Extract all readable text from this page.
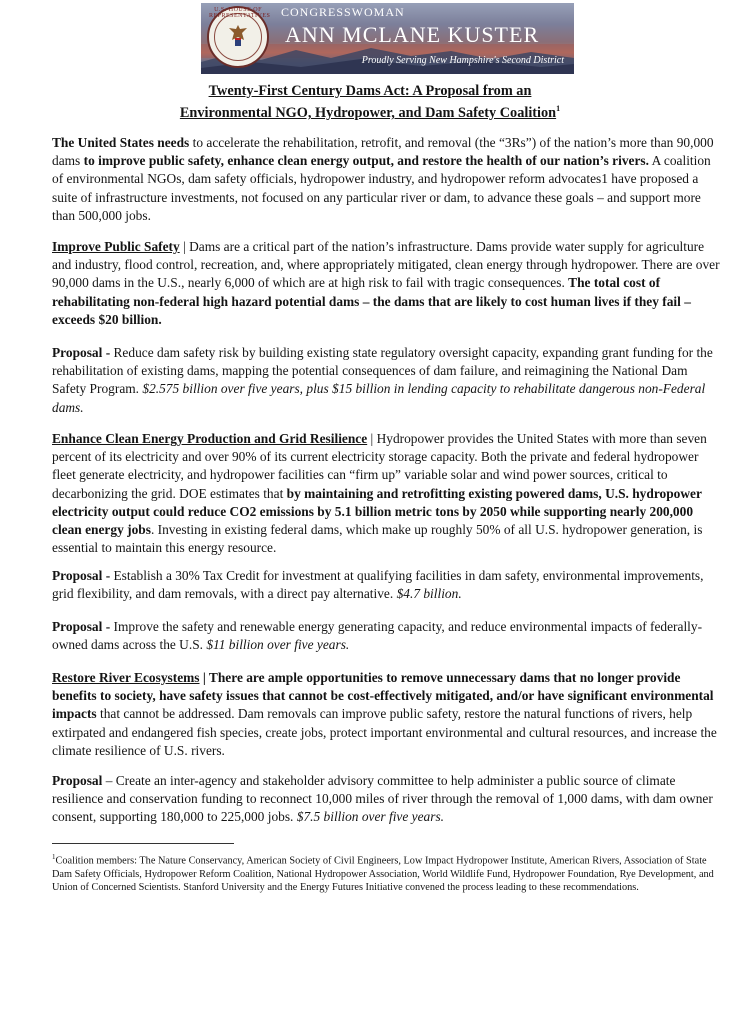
U.S. HOUSE OF REPRESENTATIVES CONGRESSWOMAN
ANN MCLANE KUSTER
Proudly Serving New Hampshire's Second District
Twenty-First Century Dams Act: A Proposal from an
Environmental NGO, Hydropower, and Dam Safety Coalition$^1$
The United States needs to accelerate the rehabilitation, retrofit, and removal (the “3Rs”) of the nation’s more than 90,000 dams to improve public safety, enhance clean energy output, and restore the health of our nation’s rivers. A coalition of environmental NGOs, dam safety officials, hydropower industry, and hydropower reform advocates1 have proposed a suite of infrastructure investments, not focused on any particular river or dam, to advance these goals – and support more than 500,000 jobs.
Improve Public Safety | Dams are a critical part of the nation’s infrastructure. Dams provide water supply for agriculture and industry, flood control, recreation, and, where appropriately mitigated, clean energy through hydropower. There are over 90,000 dams in the U.S., nearly 6,000 of which are at high risk to fail with tragic consequences. The total cost of rehabilitating non-federal high hazard potential dams – the dams that are likely to cost human lives if they fail – exceeds $20 billion.
Proposal - Reduce dam safety risk by building existing state regulatory oversight capacity, expanding grant funding for the rehabilitation of existing dams, mapping the potential consequences of dam failure, and reimagining the National Dam Safety Program. $2.575 billion over five years, plus $15 billion in lending capacity to rehabilitate dangerous non-Federal dams.
Enhance Clean Energy Production and Grid Resilience | Hydropower provides the United States with more than seven percent of its electricity and over 90% of its current electricity storage capacity. Both the private and federal hydropower fleet generate electricity, and hydropower facilities can “firm up” variable solar and wind power sources, critical to decarbonizing the grid. DOE estimates that by maintaining and retrofitting existing powered dams, U.S. hydropower electricity output could reduce CO2 emissions by 5.1 billion metric tons by 2050 while supporting nearly 200,000 clean energy jobs. Investing in existing federal dams, which make up roughly 50% of all U.S. hydropower generation, is essential to maintain this energy resource.
Proposal - Establish a 30% Tax Credit for investment at qualifying facilities in dam safety, environmental improvements, grid flexibility, and dam removals, with a direct pay alternative. $4.7 billion.
Proposal - Improve the safety and renewable energy generating capacity, and reduce environmental impacts of federally-owned dams across the U.S. $11 billion over five years.
Restore River Ecosystems | There are ample opportunities to remove unnecessary dams that no longer provide benefits to society, have safety issues that cannot be cost-effectively mitigated, and/or have significant environmental impacts that cannot be addressed. Dam removals can improve public safety, restore the natural functions of rivers, help extirpated and endangered fish species, create jobs, protect important environmental and cultural resources, and increase the climate resilience of U.S. rivers.
Proposal – Create an inter-agency and stakeholder advisory committee to help administer a public source of climate resilience and conservation funding to reconnect 10,000 miles of river through the removal of 1,000 dams, with dam owner consent, supporting 180,000 to 225,000 jobs. $7.5 billion over five years.
$^1$Coalition members: The Nature Conservancy, American Society of Civil Engineers, Low Impact Hydropower Institute, American Rivers, Association of State Dam Safety Officials, Hydropower Reform Coalition, National Hydropower Association, World Wildlife Fund, Hydropower Foundation, Rye Development, and Union of Concerned Scientists. Stanford University and the Energy Futures Initiative convened the process leading to these recommendations.
